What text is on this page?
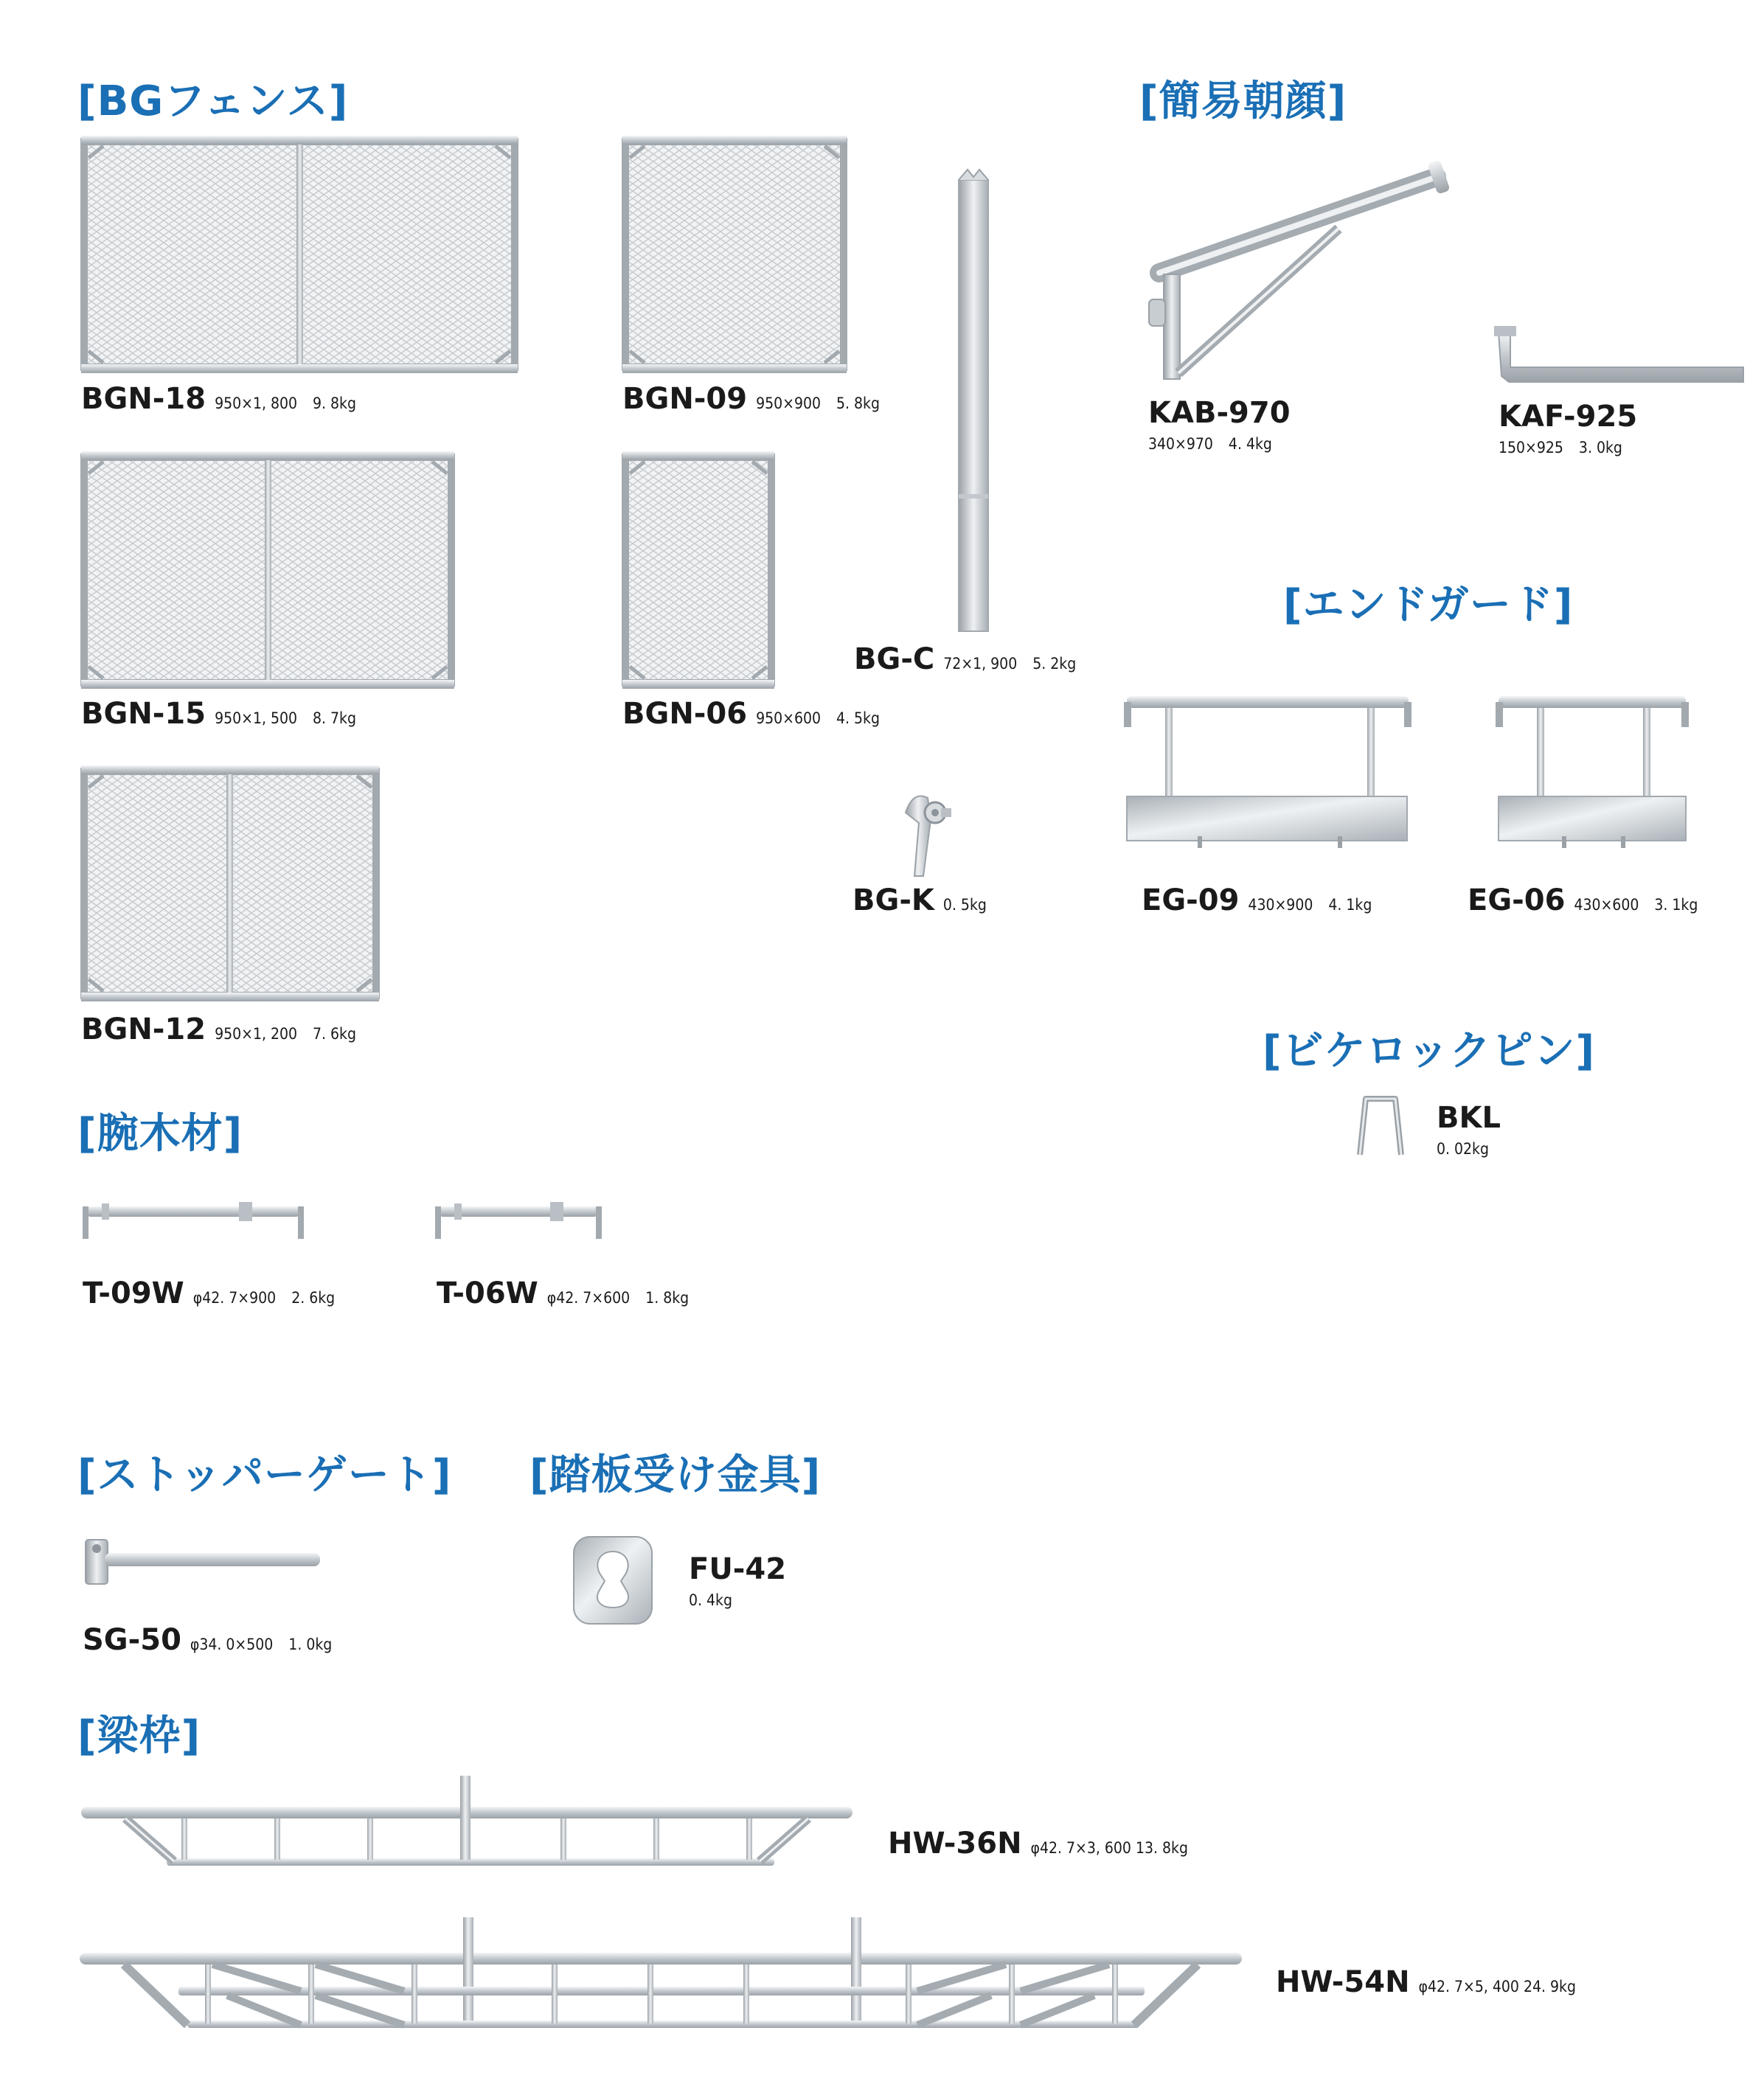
[BGフェンス]	[簡易朝顔]
[エンドガード]
[ビケロックピン]
[腕木材]
[ストッパーゲート] [踏板受け金具]
[梁枠]
BGN-18 950×1, 800　9. 8kg	BGN-09 950×900　5. 8kg
BGN-15 950×1, 500　8. 7kg	BGN-06 950×600　4. 5kg
BGN-12 950×1, 200　7. 6kg
BG-C 72×1, 900　5. 2kg
BG-K 0. 5kg
KAB-970
340×970　4. 4kg
KAF-925
150×925　3. 0kg
EG-09 430×900　4. 1kg	EG-06 430×600　3. 1kg
BKL
0. 02kg
T-09W φ42. 7×900　2. 6kg	T-06W φ42. 7×600　1. 8kg
SG-50 φ34. 0×500　1. 0kg
FU-42
0. 4kg
HW-36N φ42. 7×3, 600 13. 8kg
HW-54N φ42. 7×5, 400 24. 9kg
